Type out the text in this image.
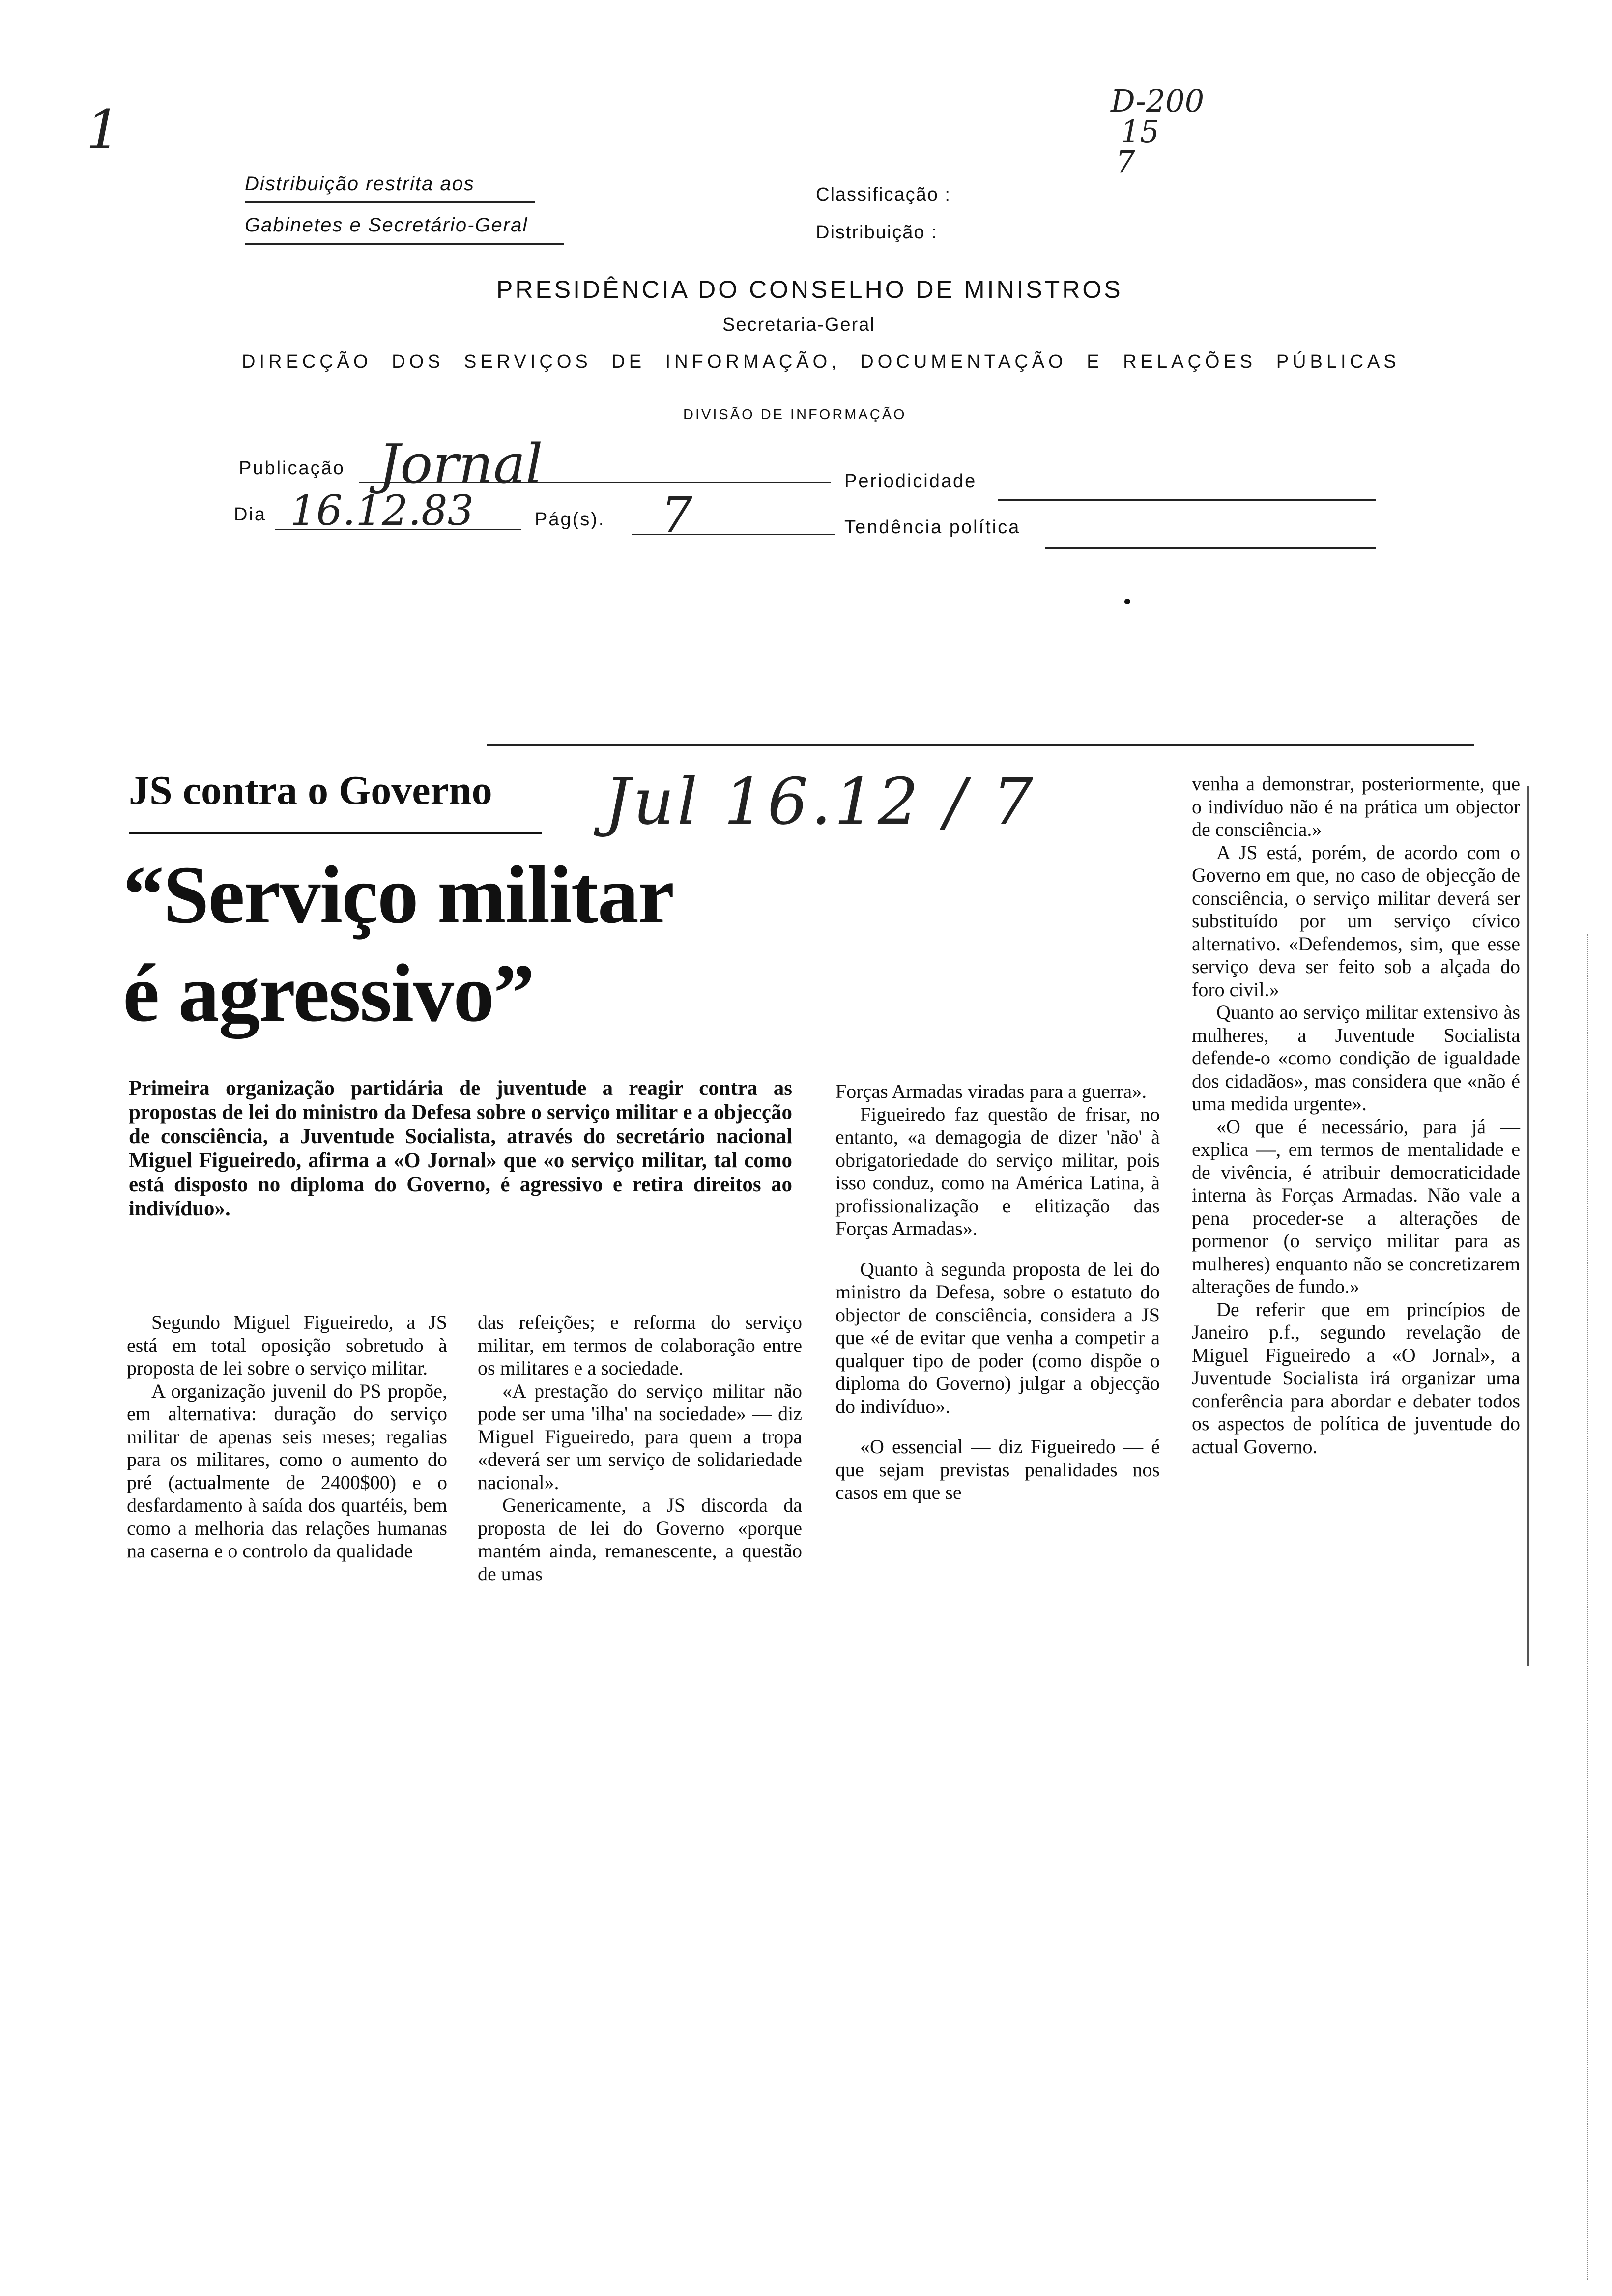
1	D-200
15
7
Distribuição restrita aos
Gabinetes e Secretário-Geral
Classificação :
Distribuição :
PRESIDÊNCIA DO CONSELHO DE MINISTROS
Secretaria-Geral
DIRECÇÃO DOS SERVIÇOS DE INFORMAÇÃO, DOCUMENTAÇÃO E RELAÇÕES PÚBLICAS
DIVISÃO DE INFORMAÇÃO
Publicação Jornal	Periodicidade
Dia 16.12.83	Pág(s). 7	Tendência política
JS contra o Governo Jul 16.12 / 7
“Serviço militar
é agressivo”
Primeira organização partidária de juventude a reagir contra as propostas de lei do ministro da Defesa sobre o serviço militar e a objecção de consciência, a Juventude Socialista, através do secretário nacional Miguel Figueiredo, afirma a «O Jornal» que «o serviço militar, tal como está disposto no diploma do Governo, é agressivo e retira direitos ao indivíduo».

Segundo Miguel Figueiredo, a JS está em total oposição sobretudo à proposta de lei sobre o serviço militar.

A organização juvenil do PS propõe, em alternativa: duração do serviço militar de apenas seis meses; regalias para os militares, como o aumento do pré (actualmente de 2400$00) e o desfardamento à saída dos quartéis, bem como a melhoria das relações humanas na caserna e o controlo da qualidade

das refeições; e reforma do serviço militar, em termos de colaboração entre os militares e a sociedade.

«A prestação do serviço militar não pode ser uma 'ilha' na sociedade» — diz Miguel Figueiredo, para quem a tropa «deverá ser um serviço de solidariedade nacional».

Genericamente, a JS discorda da proposta de lei do Governo «porque mantém ainda, remanescente, a questão de umas

Forças Armadas viradas para a guerra».

Figueiredo faz questão de frisar, no entanto, «a demagogia de dizer 'não' à obrigatoriedade do serviço militar, pois isso conduz, como na América Latina, à profissionalização e elitização das Forças Armadas».

Quanto à segunda proposta de lei do ministro da Defesa, sobre o estatuto do objector de consciência, considera a JS que «é de evitar que venha a competir a qualquer tipo de poder (como dispõe o diploma do Governo) julgar a objecção do indivíduo».

«O essencial — diz Figueiredo — é que sejam previstas penalidades nos casos em que se

venha a demonstrar, posteriormente, que o indivíduo não é na prática um objector de consciência.»

A JS está, porém, de acordo com o Governo em que, no caso de objecção de consciência, o serviço militar deverá ser substituído por um serviço cívico alternativo. «Defendemos, sim, que esse serviço deva ser feito sob a alçada do foro civil.»

Quanto ao serviço militar extensivo às mulheres, a Juventude Socialista defende-o «como condição de igualdade dos cidadãos», mas considera que «não é uma medida urgente».

«O que é necessário, para já — explica —, em termos de mentalidade e de vivência, é atribuir democraticidade interna às Forças Armadas. Não vale a pena proceder-se a alterações de pormenor (o serviço militar para as mulheres) enquanto não se concretizarem alterações de fundo.»

De referir que em princípios de Janeiro p.f., segundo revelação de Miguel Figueiredo a «O Jornal», a Juventude Socialista irá organizar uma conferência para abordar e debater todos os aspectos de política de juventude do actual Governo.
